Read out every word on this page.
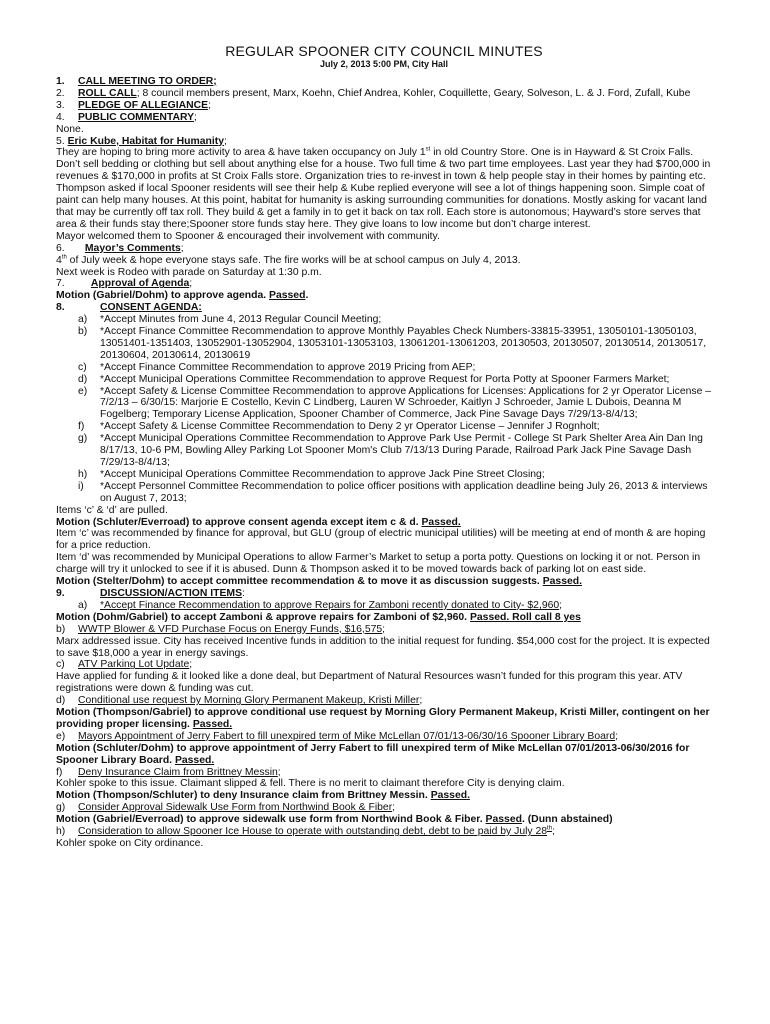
REGULAR SPOONER CITY COUNCIL MINUTES

July 2, 2013 5:00 PM, City Hall

1. CALL MEETING TO ORDER;

2. ROLL CALL; 8 council members present, Marx, Koehn, Chief Andrea, Kohler, Coquillette, Geary, Solveson, L. & J. Ford, Zufall, Kube

3. PLEDGE OF ALLEGIANCE;

4. PUBLIC COMMENTARY;

None.

5. Eric Kube, Habitat for Humanity;

They are hoping to bring more activity to area & have taken occupancy on July 1st in old Country Store. One is in Hayward & St Croix Falls. Don’t sell bedding or clothing but sell about anything else for a house. Two full time & two part time employees. Last year they had $700,000 in revenues & $170,000 in profits at St Croix Falls store. Organization tries to re-invest in town & help people stay in their homes by painting etc. Thompson asked if local Spooner residents will see their help & Kube replied everyone will see a lot of things happening soon. Simple coat of paint can help many houses. At this point, habitat for humanity is asking surrounding communities for donations. Mostly asking for vacant land that may be currently off tax roll. They build & get a family in to get it back on tax roll. Each store is autonomous; Hayward’s store serves that area & their funds stay there;Spooner store funds stay here. They give loans to low income but don’t charge interest.

Mayor welcomed them to Spooner & encouraged their involvement with community.

6. Mayor’s Comments;

4th of July week & hope everyone stays safe. The fire works will be at school campus on July 4, 2013.

Next week is Rodeo with parade on Saturday at 1:30 p.m.

7.	Approval of Agenda;

Motion (Gabriel/Dohm) to approve agenda. Passed.

8.	CONSENT AGENDA:

a) *Accept Minutes from June 4, 2013 Regular Council Meeting;

b) *Accept Finance Committee Recommendation to approve Monthly Payables Check Numbers-33815-33951, 13050101-13050103, 13051401-1351403, 13052901-13052904, 13053101-13053103, 13061201-13061203, 20130503, 20130507, 20130514, 20130517, 20130604, 20130614, 20130619

c) *Accept Finance Committee Recommendation to approve 2019 Pricing from AEP;

d) *Accept Municipal Operations Committee Recommendation to approve Request for Porta Potty at Spooner Farmers Market;

e) *Accept Safety & License Committee Recommendation to approve Applications for Licenses: Applications for 2 yr Operator License – 7/2/13 – 6/30/15: Marjorie E Costello, Kevin C Lindberg, Lauren W Schroeder, Kaitlyn J Schroeder, Jamie L Dubois, Deanna M Fogelberg; Temporary License Application, Spooner Chamber of Commerce, Jack Pine Savage Days 7/29/13-8/4/13;

f) *Accept Safety & License Committee Recommendation to Deny 2 yr Operator License – Jennifer J Rognholt;

g) *Accept Municipal Operations Committee Recommendation to Approve Park Use Permit - College St Park Shelter Area Ain Dan Ing 8/17/13, 10-6 PM, Bowling Alley Parking Lot Spooner Mom's Club 7/13/13 During Parade, Railroad Park Jack Pine Savage Dash 7/29/13-8/4/13;

h) *Accept Municipal Operations Committee Recommendation to approve Jack Pine Street Closing;

i) *Accept Personnel Committee Recommendation to police officer positions with application deadline being July 26, 2013 & interviews on August 7, 2013;

Items ‘c’ & ‘d’ are pulled.

Motion (Schluter/Everroad) to approve consent agenda except item c & d. Passed.

Item ‘c’ was recommended by finance for approval, but GLU (group of electric municipal utilities) will be meeting at end of month & are hoping for a price reduction.

Item ‘d’ was recommended by Municipal Operations to allow Farmer’s Market to setup a porta potty. Questions on locking it or not. Person in charge will try it unlocked to see if it is abused. Dunn & Thompson asked it to be moved towards back of parking lot on east side.

Motion (Stelter/Dohm) to accept committee recommendation & to move it as discussion suggests. Passed.

9.	DISCUSSION/ACTION ITEMS:

a) *Accept Finance Recommendation to approve Repairs for Zamboni recently donated to City- $2,960;

Motion (Dohm/Gabriel) to accept Zamboni & approve repairs for Zamboni of $2,960. Passed. Roll call 8 yes

b) WWTP Blower & VFD Purchase Focus on Energy Funds, $16,575;

Marx addressed issue. City has received Incentive funds in addition to the initial request for funding. $54,000 cost for the project. It is expected to save $18,000 a year in energy savings.

c) ATV Parking Lot Update;

Have applied for funding & it looked like a done deal, but Department of Natural Resources wasn’t funded for this program this year. ATV registrations were down & funding was cut.

d) Conditional use request by Morning Glory Permanent Makeup, Kristi Miller;

Motion (Thompson/Gabriel) to approve conditional use request by Morning Glory Permanent Makeup, Kristi Miller, contingent on her providing proper licensing. Passed.

e) Mayors Appointment of Jerry Fabert to fill unexpired term of Mike McLellan 07/01/13-06/30/16 Spooner Library Board;

Motion (Schluter/Dohm) to approve appointment of Jerry Fabert to fill unexpired term of Mike McLellan 07/01/2013-06/30/2016 for Spooner Library Board. Passed.

f) Deny Insurance Claim from Brittney Messin;

Kohler spoke to this issue. Claimant slipped & fell. There is no merit to claimant therefore City is denying claim.

Motion (Thompson/Schluter) to deny Insurance claim from Brittney Messin. Passed.

g) Consider Approval Sidewalk Use Form from Northwind Book & Fiber;

Motion (Gabriel/Everroad) to approve sidewalk use form from Northwind Book & Fiber. Passed. (Dunn abstained)

h) Consideration to allow Spooner Ice House to operate with outstanding debt, debt to be paid by July 28th;

Kohler spoke on City ordinance.
